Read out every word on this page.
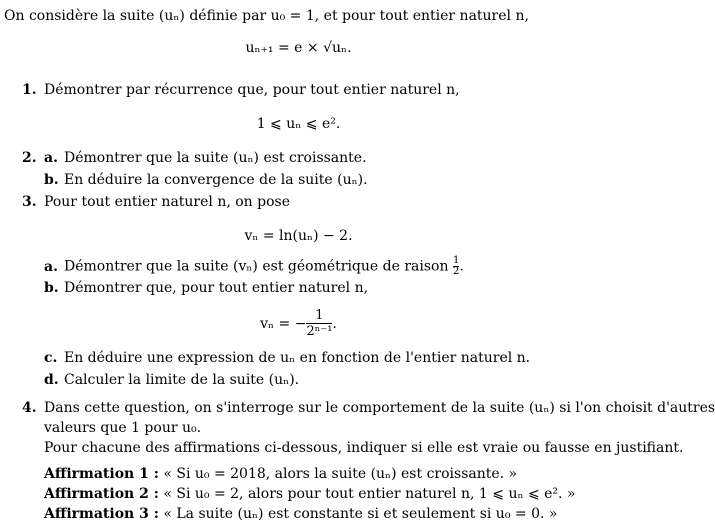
On considère la suite (uₙ) définie par u₀ = 1, et pour tout entier naturel n,
uₙ₊₁ = e × √uₙ.
1. Démontrer par récurrence que, pour tout entier naturel n,
1 ⩽ uₙ ⩽ e².
2. a. Démontrer que la suite (uₙ) est croissante.
b. En déduire la convergence de la suite (uₙ).
3. Pour tout entier naturel n, on pose
vₙ = ln(uₙ) − 2.
a. Démontrer que la suite (vₙ) est géométrique de raison $\frac{1}{2}$.
b. Démontrer que, pour tout entier naturel n,
vₙ = − $\frac{1}{\text{2ⁿ⁻¹}}$ .
c. En déduire une expression de uₙ en fonction de l'entier naturel n.
d. Calculer la limite de la suite (uₙ).
4. Dans cette question, on s'interroge sur le comportement de la suite (uₙ) si l'on choisit d'autres
valeurs que 1 pour u₀.
Pour chacune des affirmations ci-dessous, indiquer si elle est vraie ou fausse en justifiant.
Affirmation 1 : « Si u₀ = 2018, alors la suite (uₙ) est croissante. »
Affirmation 2 : « Si u₀ = 2, alors pour tout entier naturel n, 1 ⩽ uₙ ⩽ e². »
Affirmation 3 : « La suite (uₙ) est constante si et seulement si u₀ = 0. »
